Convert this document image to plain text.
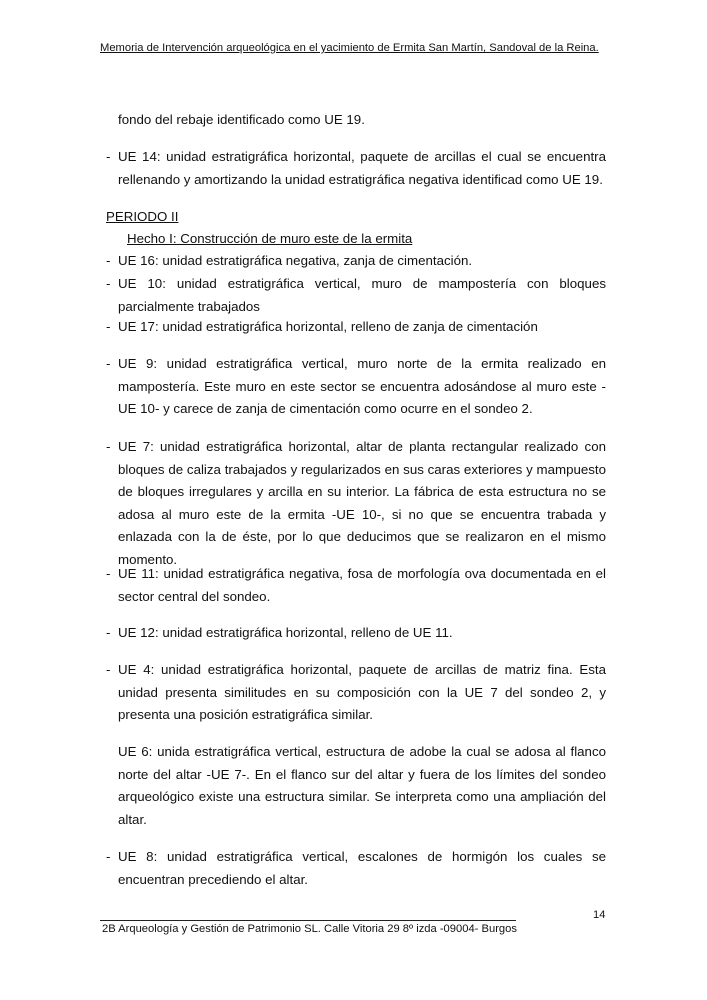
Memoria de Intervención arqueológica en el yacimiento de Ermita San Martín, Sandoval de la Reina.
fondo del rebaje identificado como UE 19.
- UE 14: unidad estratigráfica horizontal, paquete de arcillas el cual se encuentra rellenando y amortizando la unidad estratigráfica negativa identificad como UE 19.
PERIODO II
Hecho I: Construcción de muro este de la ermita
- UE 16: unidad estratigráfica negativa, zanja de cimentación.
- UE 10: unidad estratigráfica vertical, muro de mampostería con bloques parcialmente trabajados
- UE 17: unidad estratigráfica horizontal, relleno de zanja de cimentación
- UE 9: unidad estratigráfica vertical, muro norte de la ermita realizado en mampostería. Este muro en este sector se encuentra adosándose al muro este -UE 10- y carece de zanja de cimentación como ocurre en el sondeo 2.
- UE 7: unidad estratigráfica horizontal, altar de planta rectangular realizado con bloques de caliza trabajados y regularizados en sus caras exteriores y mampuesto de bloques irregulares y arcilla en su interior. La fábrica de esta estructura no se adosa al muro este de la ermita -UE 10-, si no que se encuentra trabada y enlazada con la de éste, por lo que deducimos que se realizaron en el mismo momento.
- UE 11: unidad estratigráfica negativa, fosa de morfología ova documentada en el sector central del sondeo.
- UE 12: unidad estratigráfica horizontal, relleno de UE 11.
- UE 4: unidad estratigráfica horizontal, paquete de arcillas de matriz fina. Esta unidad presenta similitudes en su composición con la UE 7 del sondeo 2, y presenta una posición estratigráfica similar.
UE 6: unida estratigráfica vertical, estructura de adobe la cual se adosa al flanco norte del altar -UE 7-. En el flanco sur del altar y fuera de los límites del sondeo arqueológico existe una estructura similar. Se interpreta como una ampliación del altar.
- UE 8: unidad estratigráfica vertical, escalones de hormigón los cuales se encuentran precediendo el altar.
14
2B Arqueología y Gestión de Patrimonio SL. Calle Vitoria 29 8º izda -09004- Burgos
